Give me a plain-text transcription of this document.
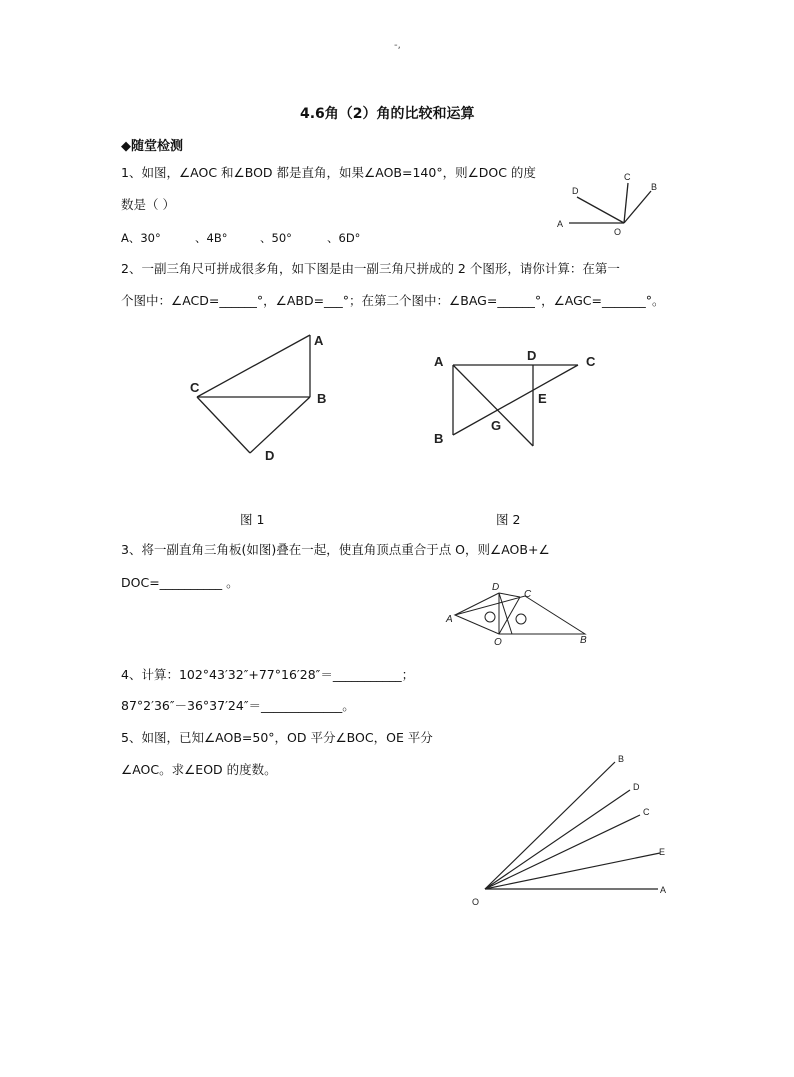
-,
4.6角（2）角的比较和运算
◆随堂检测
1、如图，∠AOC 和∠BOD 都是直角，如果∠AOB=140°，则∠DOC 的度
数是（ ）
A、30°	、4B°	、50°	、6D°
D
C
B
A
O
2、一副三角尺可拼成很多角，如下图是由一副三角尺拼成的 2 个图形，请你计算：在第一
个图中：∠ACD=______°，∠ABD=___°；在第二个图中：∠BAG=______°，∠AGC=_______°。
A
C
B
D
A	D	C
E
B
G
图 1	图 2
3、将一副直角三角板(如图)叠在一起，使直角顶点重合于点 O，则∠AOB+∠
DOC=__________ 。
A
D
C
O	B
4、计算：102°43′32″+77°16′28″＝___________；
87°2′36″－36°37′24″＝_____________。
5、如图，已知∠AOB=50°，OD 平分∠BOC，OE 平分
∠AOC。求∠EOD 的度数。
B
D
C
E
A
O
